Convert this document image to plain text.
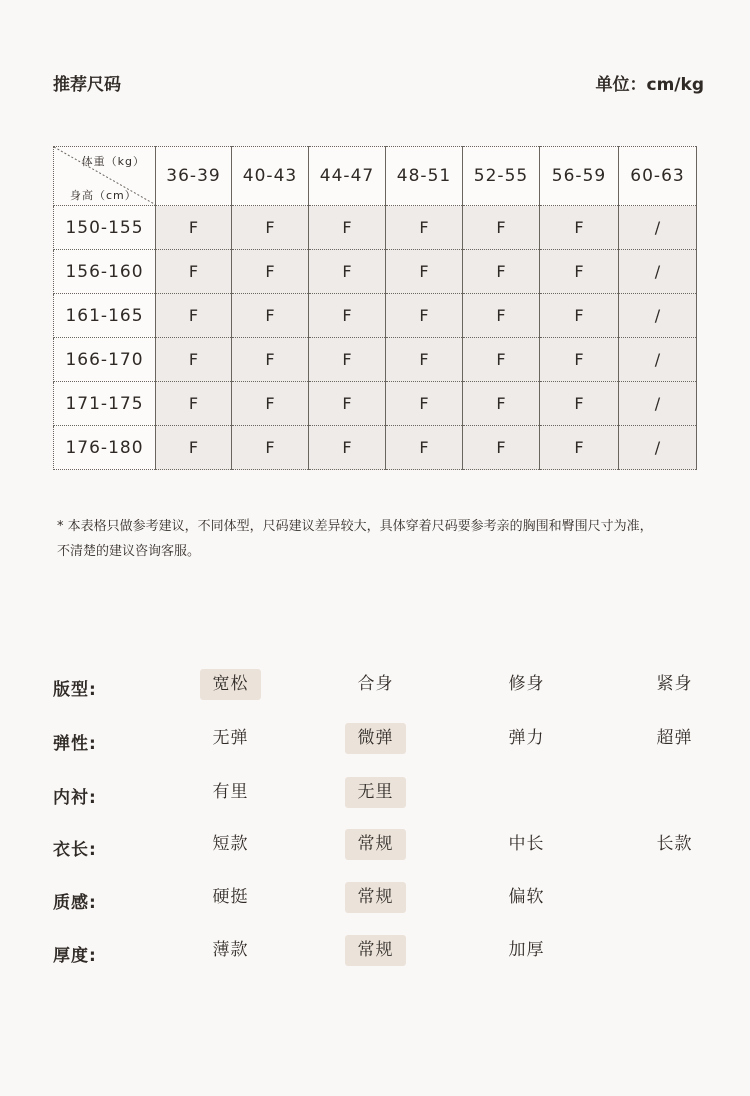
推荐尺码	单位：cm/kg
体重（kg）
身高（cm）	36-39	40-43	44-47	48-51	52-55	56-59	60-63
150-155	F	F	F	F	F	F	/
156-160	F	F	F	F	F	F	/
161-165	F	F	F	F	F	F	/
166-170	F	F	F	F	F	F	/
171-175	F	F	F	F	F	F	/
176-180	F	F	F	F	F	F	/
* 本表格只做参考建议，不同体型，尺码建议差异较大，具体穿着尺码要参考亲的胸围和臀围尺寸为准，
不清楚的建议咨询客服。
版型:	宽松	合身	修身	紧身
弹性:	无弹	微弹	弹力	超弹
内衬:	有里	无里
衣长:	短款	常规	中长	长款
质感:	硬挺	常规	偏软
厚度:	薄款	常规	加厚
